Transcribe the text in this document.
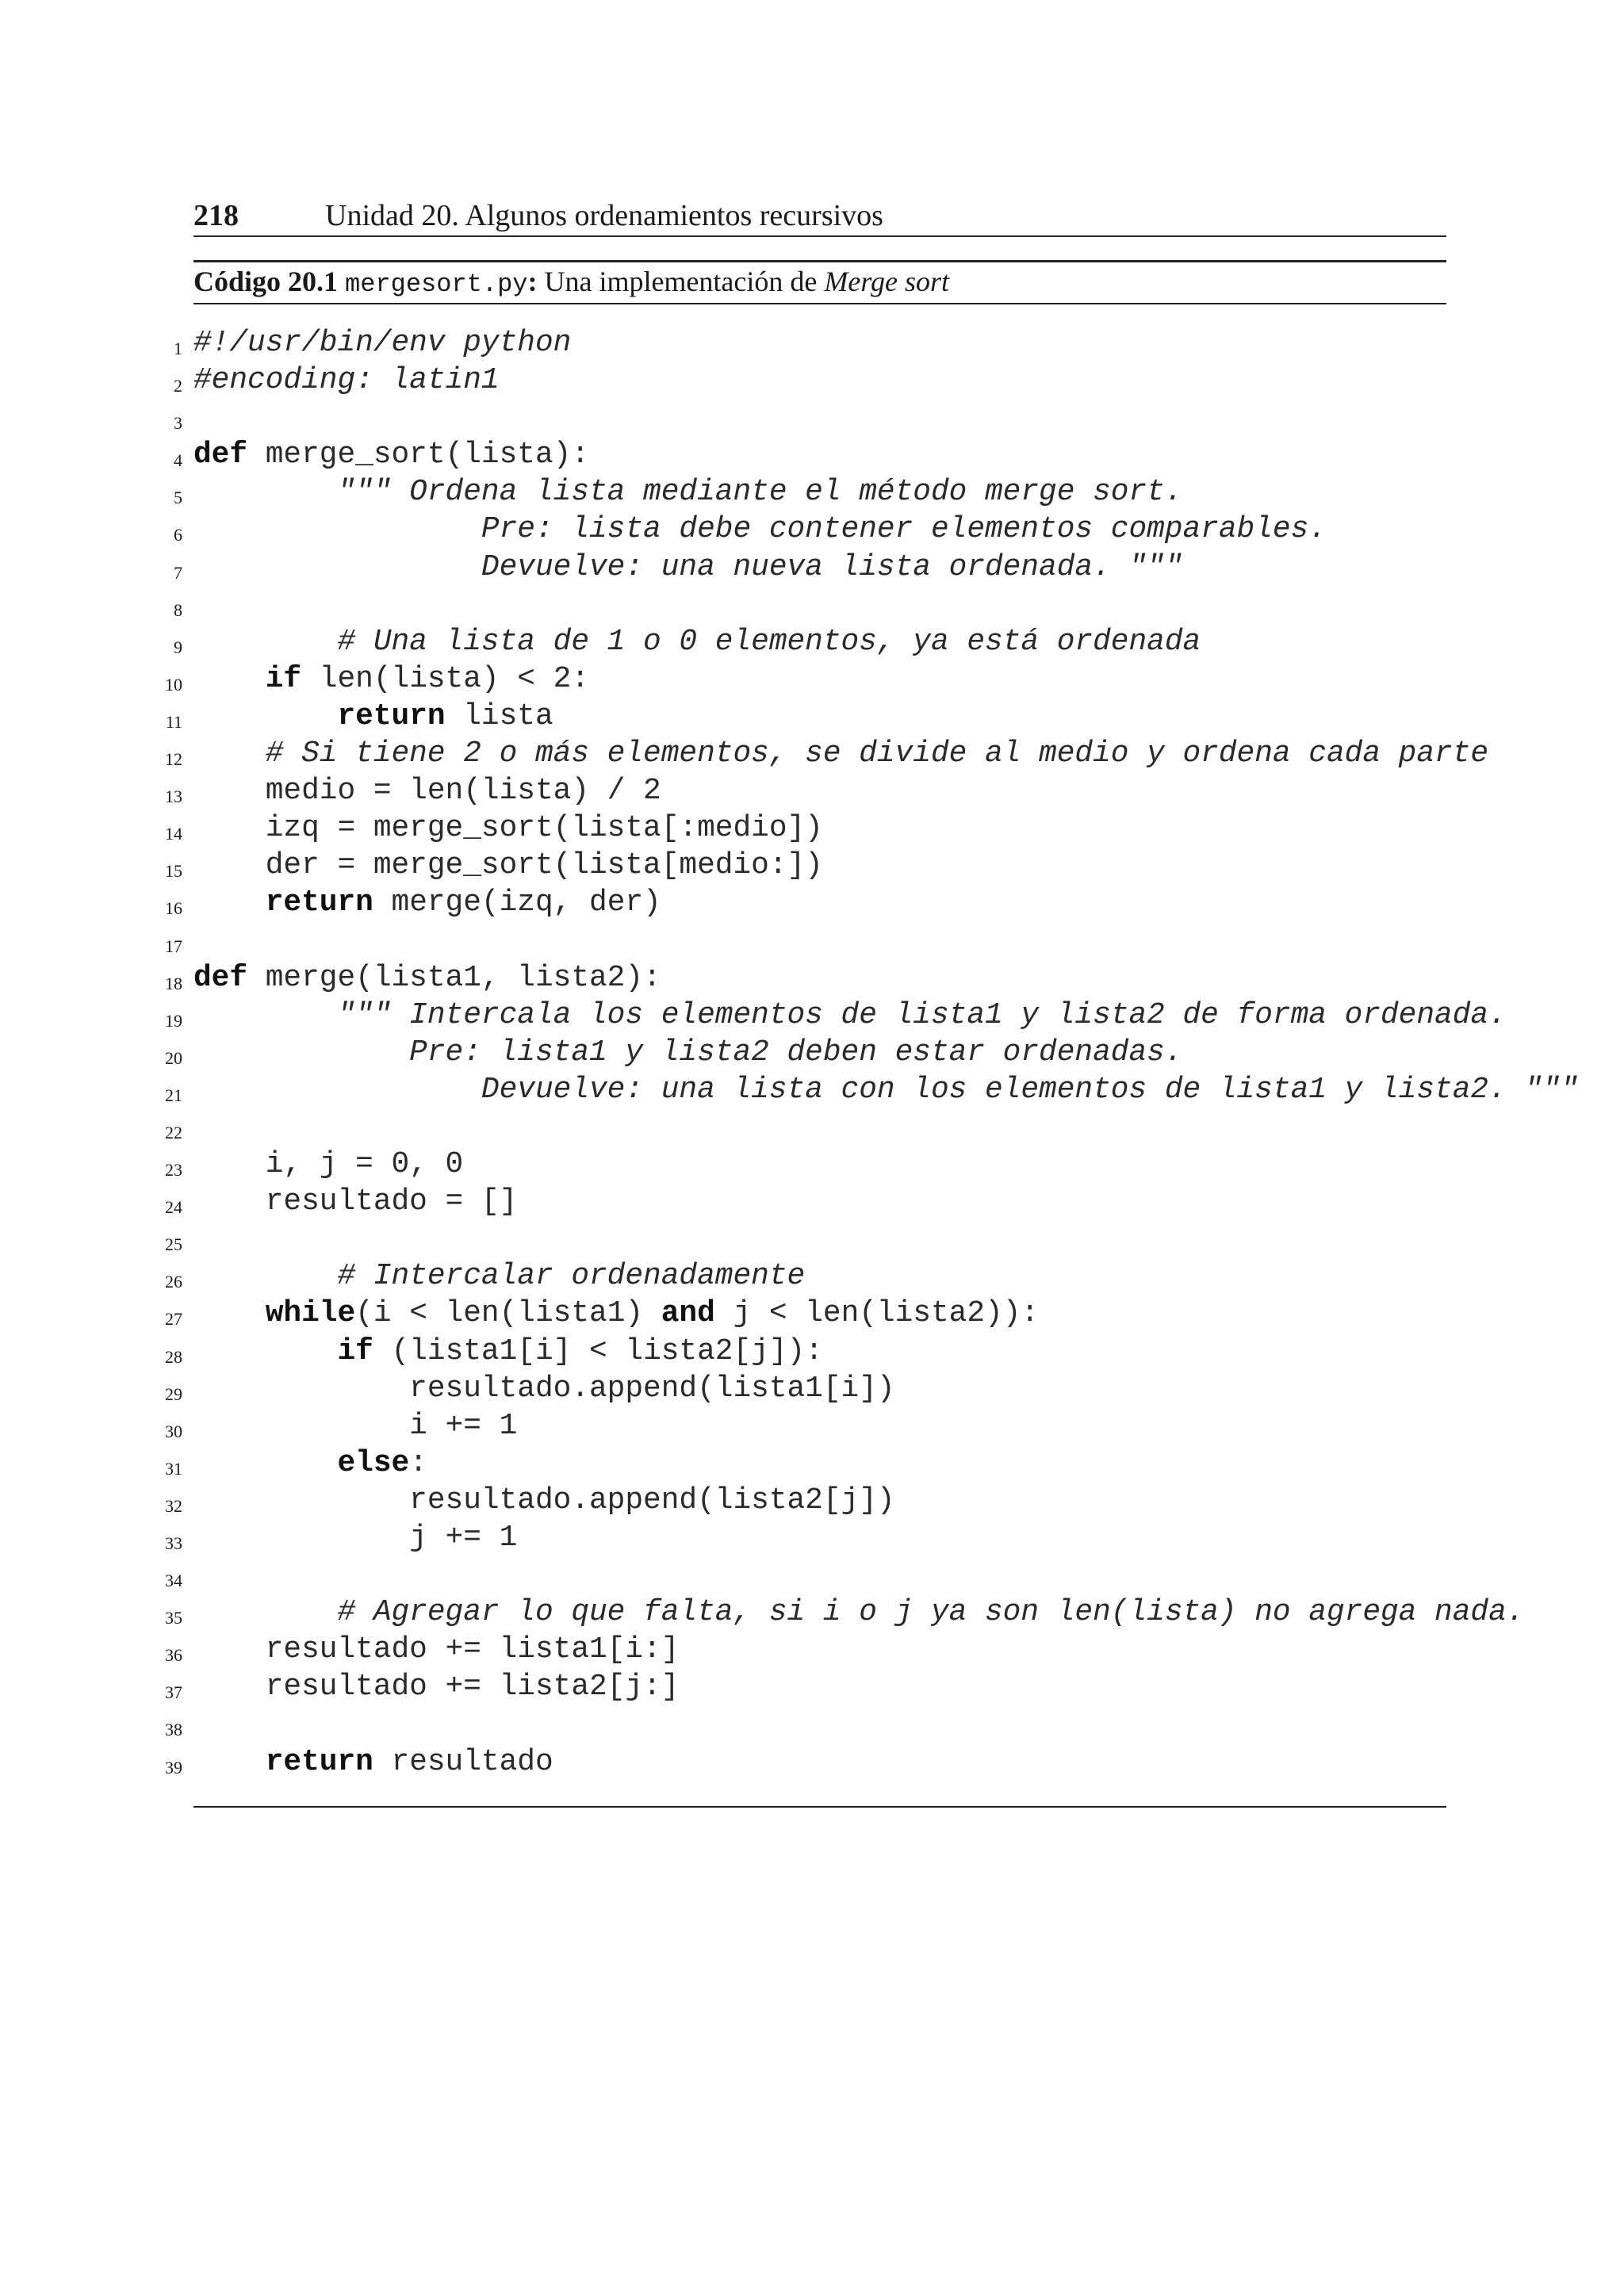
218	Unidad 20. Algunos ordenamientos recursivos
Código 20.1 mergesort.py: Una implementación de Merge sort
1 #!/usr/bin/env python
2 #encoding: latin1
3
4 def merge_sort(lista):
5 """ Ordena lista mediante el método merge sort.
6 Pre: lista debe contener elementos comparables.
7 Devuelve: una nueva lista ordenada. """
8
9 # Una lista de 1 o 0 elementos, ya está ordenada
10	if len(lista) < 2:
11	return lista
12 # Si tiene 2 o más elementos, se divide al medio y ordena cada parte
13 medio = len(lista) / 2
14 izq = merge_sort(lista[:medio])
15 der = merge_sort(lista[medio:])
16	return merge(izq, der)
17
18 def merge(lista1, lista2):
19 """ Intercala los elementos de lista1 y lista2 de forma ordenada.
20 Pre: lista1 y lista2 deben estar ordenadas.
21 Devuelve: una lista con los elementos de lista1 y lista2. """
22
23 i, j = 0, 0
24 resultado = []
25
26 # Intercalar ordenadamente
27	while(i < len(lista1) and j < len(lista2)):
28	if (lista1[i] < lista2[j]):
29 resultado.append(lista1[i])
30 i += 1
31	else:
32 resultado.append(lista2[j])
33 j += 1
34
35 # Agregar lo que falta, si i o j ya son len(lista) no agrega nada.
36 resultado += lista1[i:]
37 resultado += lista2[j:]
38
39	return resultado
